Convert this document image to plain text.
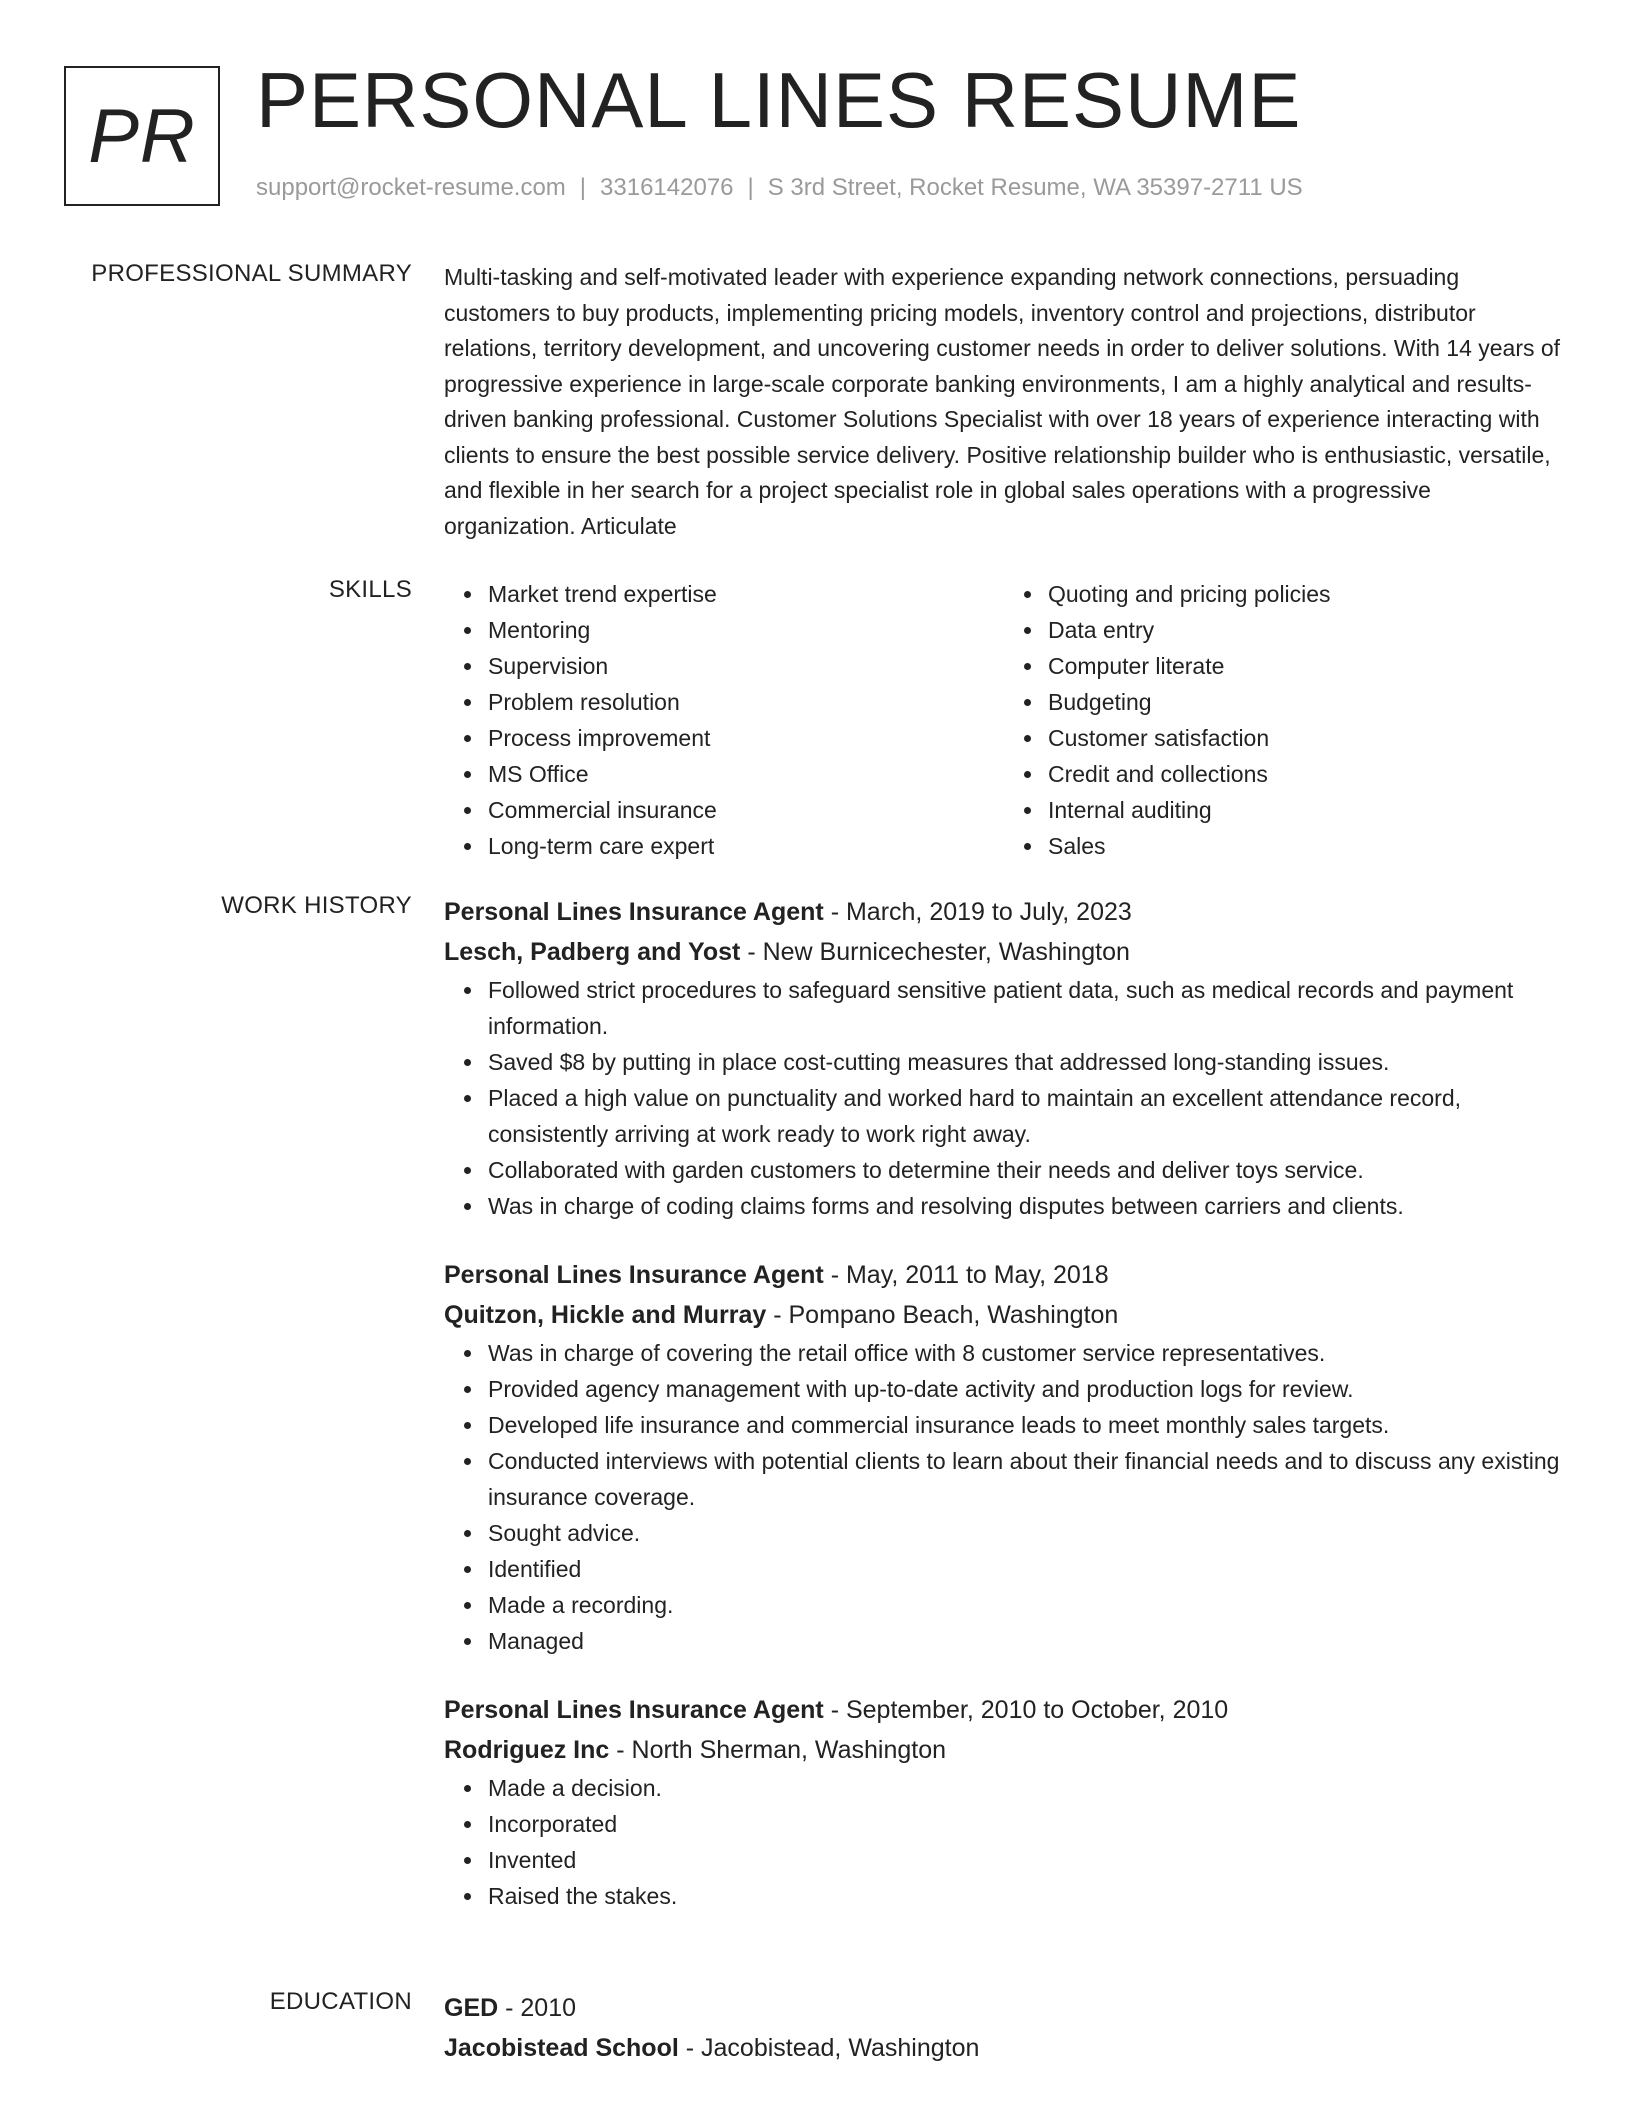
PR PERSONAL LINES RESUME
support@rocket-resume.com | 3316142076 | S 3rd Street, Rocket Resume, WA 35397-2711 US
PROFESSIONAL SUMMARY Multi-tasking and self-motivated leader with experience expanding network connections, persuading customers to buy products, implementing pricing models, inventory control and projections, distributor relations, territory development, and uncovering customer needs in order to deliver solutions. With 14 years of progressive experience in large-scale corporate banking environments, I am a highly analytical and results-driven banking professional. Customer Solutions Specialist with over 18 years of experience interacting with clients to ensure the best possible service delivery. Positive relationship builder who is enthusiastic, versatile, and flexible in her search for a project specialist role in global sales operations with a progressive organization. Articulate

SKILLS	Market trend expertise
Mentoring
Supervision
Problem resolution
Process improvement
MS Office
Commercial insurance
Long-term care expert
Quoting and pricing policies
Data entry
Computer literate
Budgeting
Customer satisfaction
Credit and collections
Internal auditing
Sales
WORK HISTORY Personal Lines Insurance Agent - March, 2019 to July, 2023
Lesch, Padberg and Yost - New Burnicechester, Washington
Followed strict procedures to safeguard sensitive patient data, such as medical records and payment information.
Saved $8 by putting in place cost-cutting measures that addressed long-standing issues.
Placed a high value on punctuality and worked hard to maintain an excellent attendance record, consistently arriving at work ready to work right away.
Collaborated with garden customers to determine their needs and deliver toys service.
Was in charge of coding claims forms and resolving disputes between carriers and clients.
Personal Lines Insurance Agent - May, 2011 to May, 2018
Quitzon, Hickle and Murray - Pompano Beach, Washington
Was in charge of covering the retail office with 8 customer service representatives.
Provided agency management with up-to-date activity and production logs for review.
Developed life insurance and commercial insurance leads to meet monthly sales targets.
Conducted interviews with potential clients to learn about their financial needs and to discuss any existing insurance coverage.
Sought advice.
Identified
Made a recording.
Managed
Personal Lines Insurance Agent - September, 2010 to October, 2010
Rodriguez Inc - North Sherman, Washington
Made a decision.
Incorporated
Invented
Raised the stakes.
EDUCATION GED - 2010
Jacobistead School - Jacobistead, Washington
